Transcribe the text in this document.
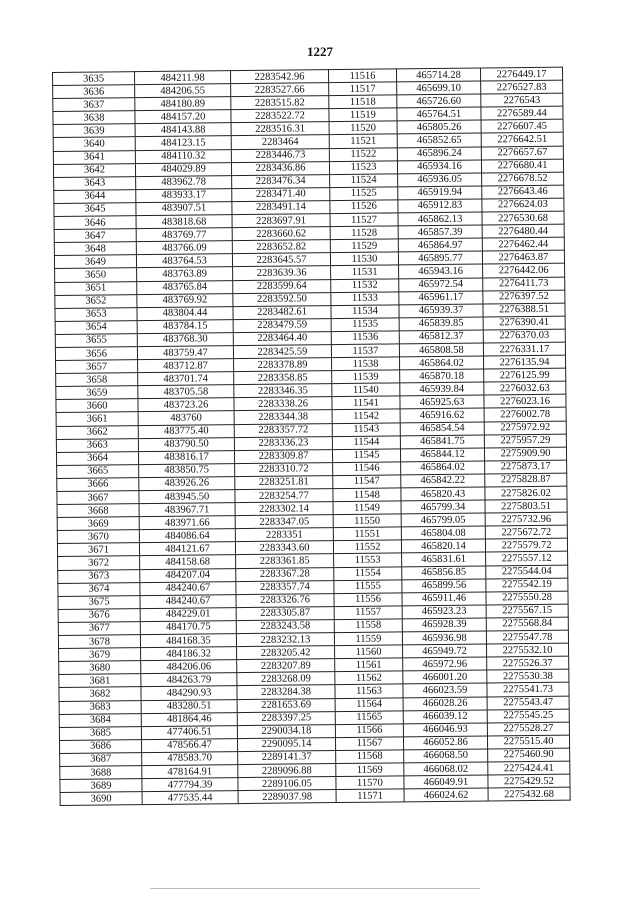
1227
3635	484211.98	2283542.96	11516	465714.28	2276449.17
3636	484206.55	2283527.66	11517	465699.10	2276527.83
3637	484180.89	2283515.82	11518	465726.60	2276543
3638	484157.20	2283522.72	11519	465764.51	2276589.44
3639	484143.88	2283516.31	11520	465805.26	2276607.45
3640	484123.15	2283464	11521	465852.65	2276642.51
3641	484110.32	2283446.73	11522	465896.24	2276657.67
3642	484029.89	2283436.86	11523	465934.16	2276680.41
3643	483962.78	2283476.34	11524	465936.05	2276678.52
3644	483933.17	2283471.40	11525	465919.94	2276643.46
3645	483907.51	2283491.14	11526	465912.83	2276624.03
3646	483818.68	2283697.91	11527	465862.13	2276530.68
3647	483769.77	2283660.62	11528	465857.39	2276480.44
3648	483766.09	2283652.82	11529	465864.97	2276462.44
3649	483764.53	2283645.57	11530	465895.77	2276463.87
3650	483763.89	2283639.36	11531	465943.16	2276442.06
3651	483765.84	2283599.64	11532	465972.54	2276411.73
3652	483769.92	2283592.50	11533	465961.17	2276397.52
3653	483804.44	2283482.61	11534	465939.37	2276388.51
3654	483784.15	2283479.59	11535	465839.85	2276390.41
3655	483768.30	2283464.40	11536	465812.37	2276370.03
3656	483759.47	2283425.59	11537	465808.58	2276331.17
3657	483712.87	2283378.89	11538	465864.02	2276135.94
3658	483701.74	2283358.85	11539	465870.18	2276125.99
3659	483705.58	2283346.35	11540	465939.84	2276032.63
3660	483723.26	2283338.26	11541	465925.63	2276023.16
3661	483760	2283344.38	11542	465916.62	2276002.78
3662	483775.40	2283357.72	11543	465854.54	2275972.92
3663	483790.50	2283336.23	11544	465841.75	2275957.29
3664	483816.17	2283309.87	11545	465844.12	2275909.90
3665	483850.75	2283310.72	11546	465864.02	2275873.17
3666	483926.26	2283251.81	11547	465842.22	2275828.87
3667	483945.50	2283254.77	11548	465820.43	2275826.02
3668	483967.71	2283302.14	11549	465799.34	2275803.51
3669	483971.66	2283347.05	11550	465799.05	2275732.96
3670	484086.64	2283351	11551	465804.08	2275672.72
3671	484121.67	2283343.60	11552	465820.14	2275579.72
3672	484158.68	2283361.85	11553	465831.61	2275557.12
3673	484207.04	2283367.28	11554	465856.85	2275544.04
3674	484240.67	2283357.74	11555	465899.56	2275542.19
3675	484240.67	2283326.76	11556	465911.46	2275550.28
3676	484229.01	2283305.87	11557	465923.23	2275567.15
3677	484170.75	2283243.58	11558	465928.39	2275568.84
3678	484168.35	2283232.13	11559	465936.98	2275547.78
3679	484186.32	2283205.42	11560	465949.72	2275532.10
3680	484206.06	2283207.89	11561	465972.96	2275526.37
3681	484263.79	2283268.09	11562	466001.20	2275530.38
3682	484290.93	2283284.38	11563	466023.59	2275541.73
3683	483280.51	2281653.69	11564	466028.26	2275543.47
3684	481864.46	2283397.25	11565	466039.12	2275545.25
3685	477406.51	2290034.18	11566	466046.93	2275528.27
3686	478566.47	2290095.14	11567	466052.86	2275515.40
3687	478583.70	2289141.37	11568	466068.50	2275460.90
3688	478164.91	2289096.88	11569	466068.02	2275424.41
3689	477794.39	2289106.05	11570	466049.91	2275429.52
3690	477535.44	2289037.98	11571	466024.62	2275432.68
